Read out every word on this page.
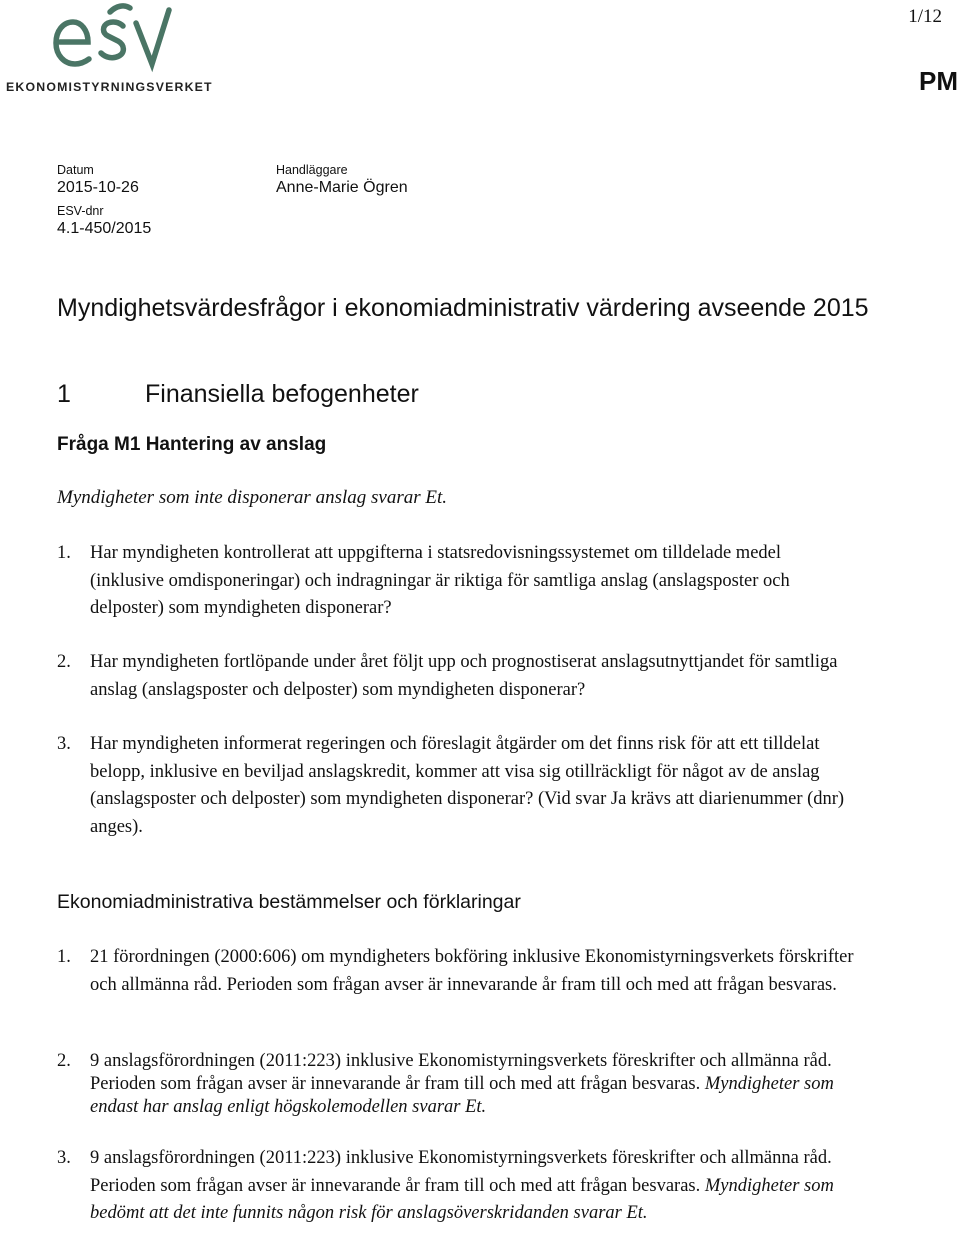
EKONOMISTYRNINGSVERKET
1/12
PM
Datum
2015-10-26
ESV-dnr
4.1-450/2015
Handläggare
Anne-Marie Ögren
Myndighetsvärdesfrågor i ekonomiadministrativ värdering avseende 2015
1	Finansiella befogenheter
Fråga M1 Hantering av anslag
Myndigheter som inte disponerar anslag svarar Et.
1. Har myndigheten kontrollerat att uppgifterna i statsredovisningssystemet om tilldelade medel (inklusive omdisponeringar) och indragningar är riktiga för samtliga anslag (anslagsposter och delposter) som myndigheten disponerar?
2. Har myndigheten fortlöpande under året följt upp och prognostiserat anslagsutnyttjandet för samtliga anslag (anslagsposter och delposter) som myndigheten disponerar?
3. Har myndigheten informerat regeringen och föreslagit åtgärder om det finns risk för att ett tilldelat belopp, inklusive en beviljad anslagskredit, kommer att visa sig otillräckligt för något av de anslag (anslagsposter och delposter) som myndigheten disponerar? (Vid svar Ja krävs att diarienummer (dnr) anges).
Ekonomiadministrativa bestämmelser och förklaringar
1. 21 förordningen (2000:606) om myndigheters bokföring inklusive Ekonomistyrningsverkets förskrifter och allmänna råd. Perioden som frågan avser är innevarande år fram till och med att frågan besvaras.
2. 9 anslagsförordningen (2011:223) inklusive Ekonomistyrningsverkets föreskrifter och allmänna råd. Perioden som frågan avser är innevarande år fram till och med att frågan besvaras. Myndigheter som endast har anslag enligt högskolemodellen svarar Et.
3. 9 anslagsförordningen (2011:223) inklusive Ekonomistyrningsverkets föreskrifter och allmänna råd. Perioden som frågan avser är innevarande år fram till och med att frågan besvaras. Myndigheter som bedömt att det inte funnits någon risk för anslagsöverskridanden svarar Et.
